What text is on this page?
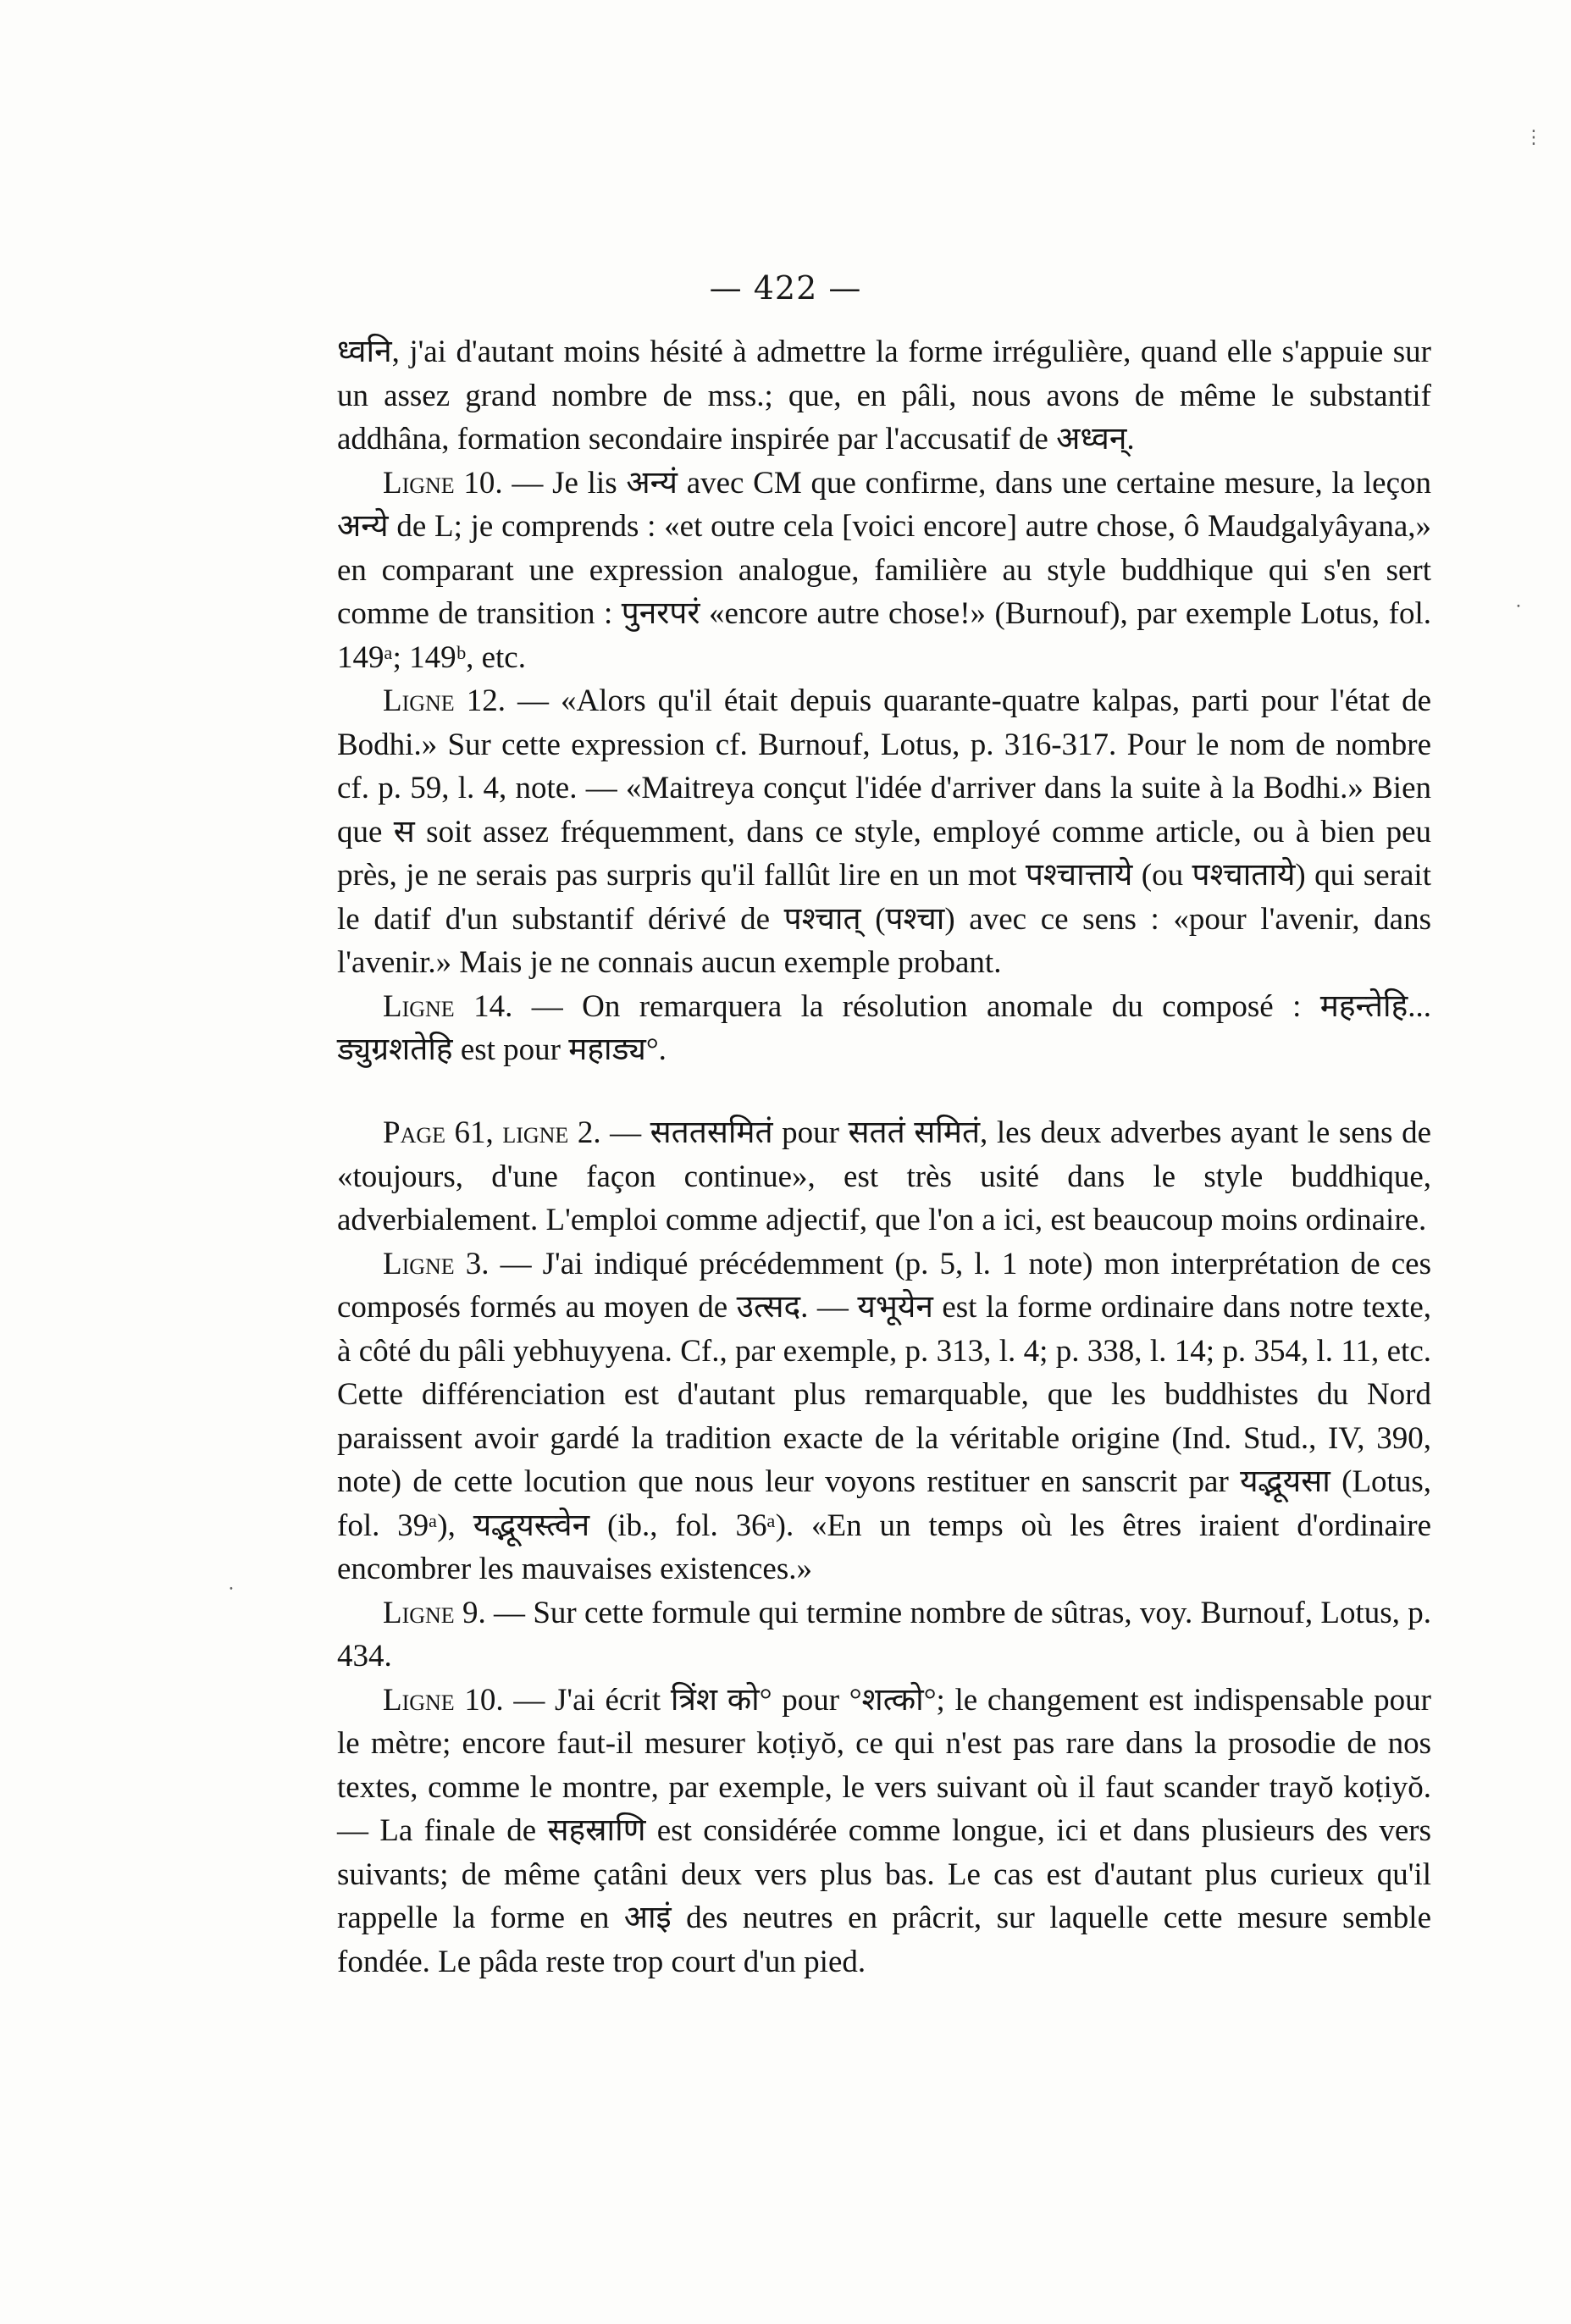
— 422 —

ध्वनि, j'ai d'autant moins hésité à admettre la forme irrégulière, quand elle s'appuie sur un assez grand nombre de mss.; que, en pâli, nous avons de même le substantif addhâna, formation secondaire inspirée par l'accusatif de अध्वन्.

Ligne 10. — Je lis अन्यं avec CM que confirme, dans une certaine mesure, la leçon अन्ये de L; je comprends : «et outre cela [voici encore] autre chose, ô Maudgalyâyana,» en comparant une expression analogue, familière au style buddhique qui s'en sert comme de transition : पुनरपरं «encore autre chose!» (Burnouf), par exemple Lotus, fol. 149ᵃ; 149ᵇ, etc.

Ligne 12. — «Alors qu'il était depuis quarante-quatre kalpas, parti pour l'état de Bodhi.» Sur cette expression cf. Burnouf, Lotus, p. 316-317. Pour le nom de nombre cf. p. 59, l. 4, note. — «Maitreya conçut l'idée d'arriver dans la suite à la Bodhi.» Bien que स soit assez fréquemment, dans ce style, employé comme article, ou à bien peu près, je ne serais pas surpris qu'il fallût lire en un mot पश्चात्ताये (ou पश्चाताये) qui serait le datif d'un substantif dérivé de पश्चात् (पश्चा) avec ce sens : «pour l'avenir, dans l'avenir.» Mais je ne connais aucun exemple probant.

Ligne 14. — On remarquera la résolution anomale du composé : महन्तेहि... ड्युग्रशतेहि est pour महाड्य°.

Page 61, ligne 2. — सततसमितं pour सततं समितं, les deux adverbes ayant le sens de «toujours, d'une façon continue», est très usité dans le style buddhique, adverbialement. L'emploi comme adjectif, que l'on a ici, est beaucoup moins ordinaire.

Ligne 3. — J'ai indiqué précédemment (p. 5, l. 1 note) mon interprétation de ces composés formés au moyen de उत्सद. — यभूयेन est la forme ordinaire dans notre texte, à côté du pâli yebhuyyena. Cf., par exemple, p. 313, l. 4; p. 338, l. 14; p. 354, l. 11, etc. Cette différenciation est d'autant plus remarquable, que les buddhistes du Nord paraissent avoir gardé la tradition exacte de la véritable origine (Ind. Stud., IV, 390, note) de cette locution que nous leur voyons restituer en sanscrit par यद्भूयसा (Lotus, fol. 39ᵃ), यद्भूयस्त्वेन (ib., fol. 36ᵃ). «En un temps où les êtres iraient d'ordinaire encombrer les mauvaises existences.»

Ligne 9. — Sur cette formule qui termine nombre de sûtras, voy. Burnouf, Lotus, p. 434.

Ligne 10. — J'ai écrit त्रिंश को° pour °शत्को°; le changement est indispensable pour le mètre; encore faut-il mesurer koṭiyŏ, ce qui n'est pas rare dans la prosodie de nos textes, comme le montre, par exemple, le vers suivant où il faut scander trayŏ koṭiyŏ. — La finale de सहस्राणि est considérée comme longue, ici et dans plusieurs des vers suivants; de même çatâni deux vers plus bas. Le cas est d'autant plus curieux qu'il rappelle la forme en आइं des neutres en prâcrit, sur laquelle cette mesure semble fondée. Le pâda reste trop court d'un pied.

⋮
⸱
⸱
